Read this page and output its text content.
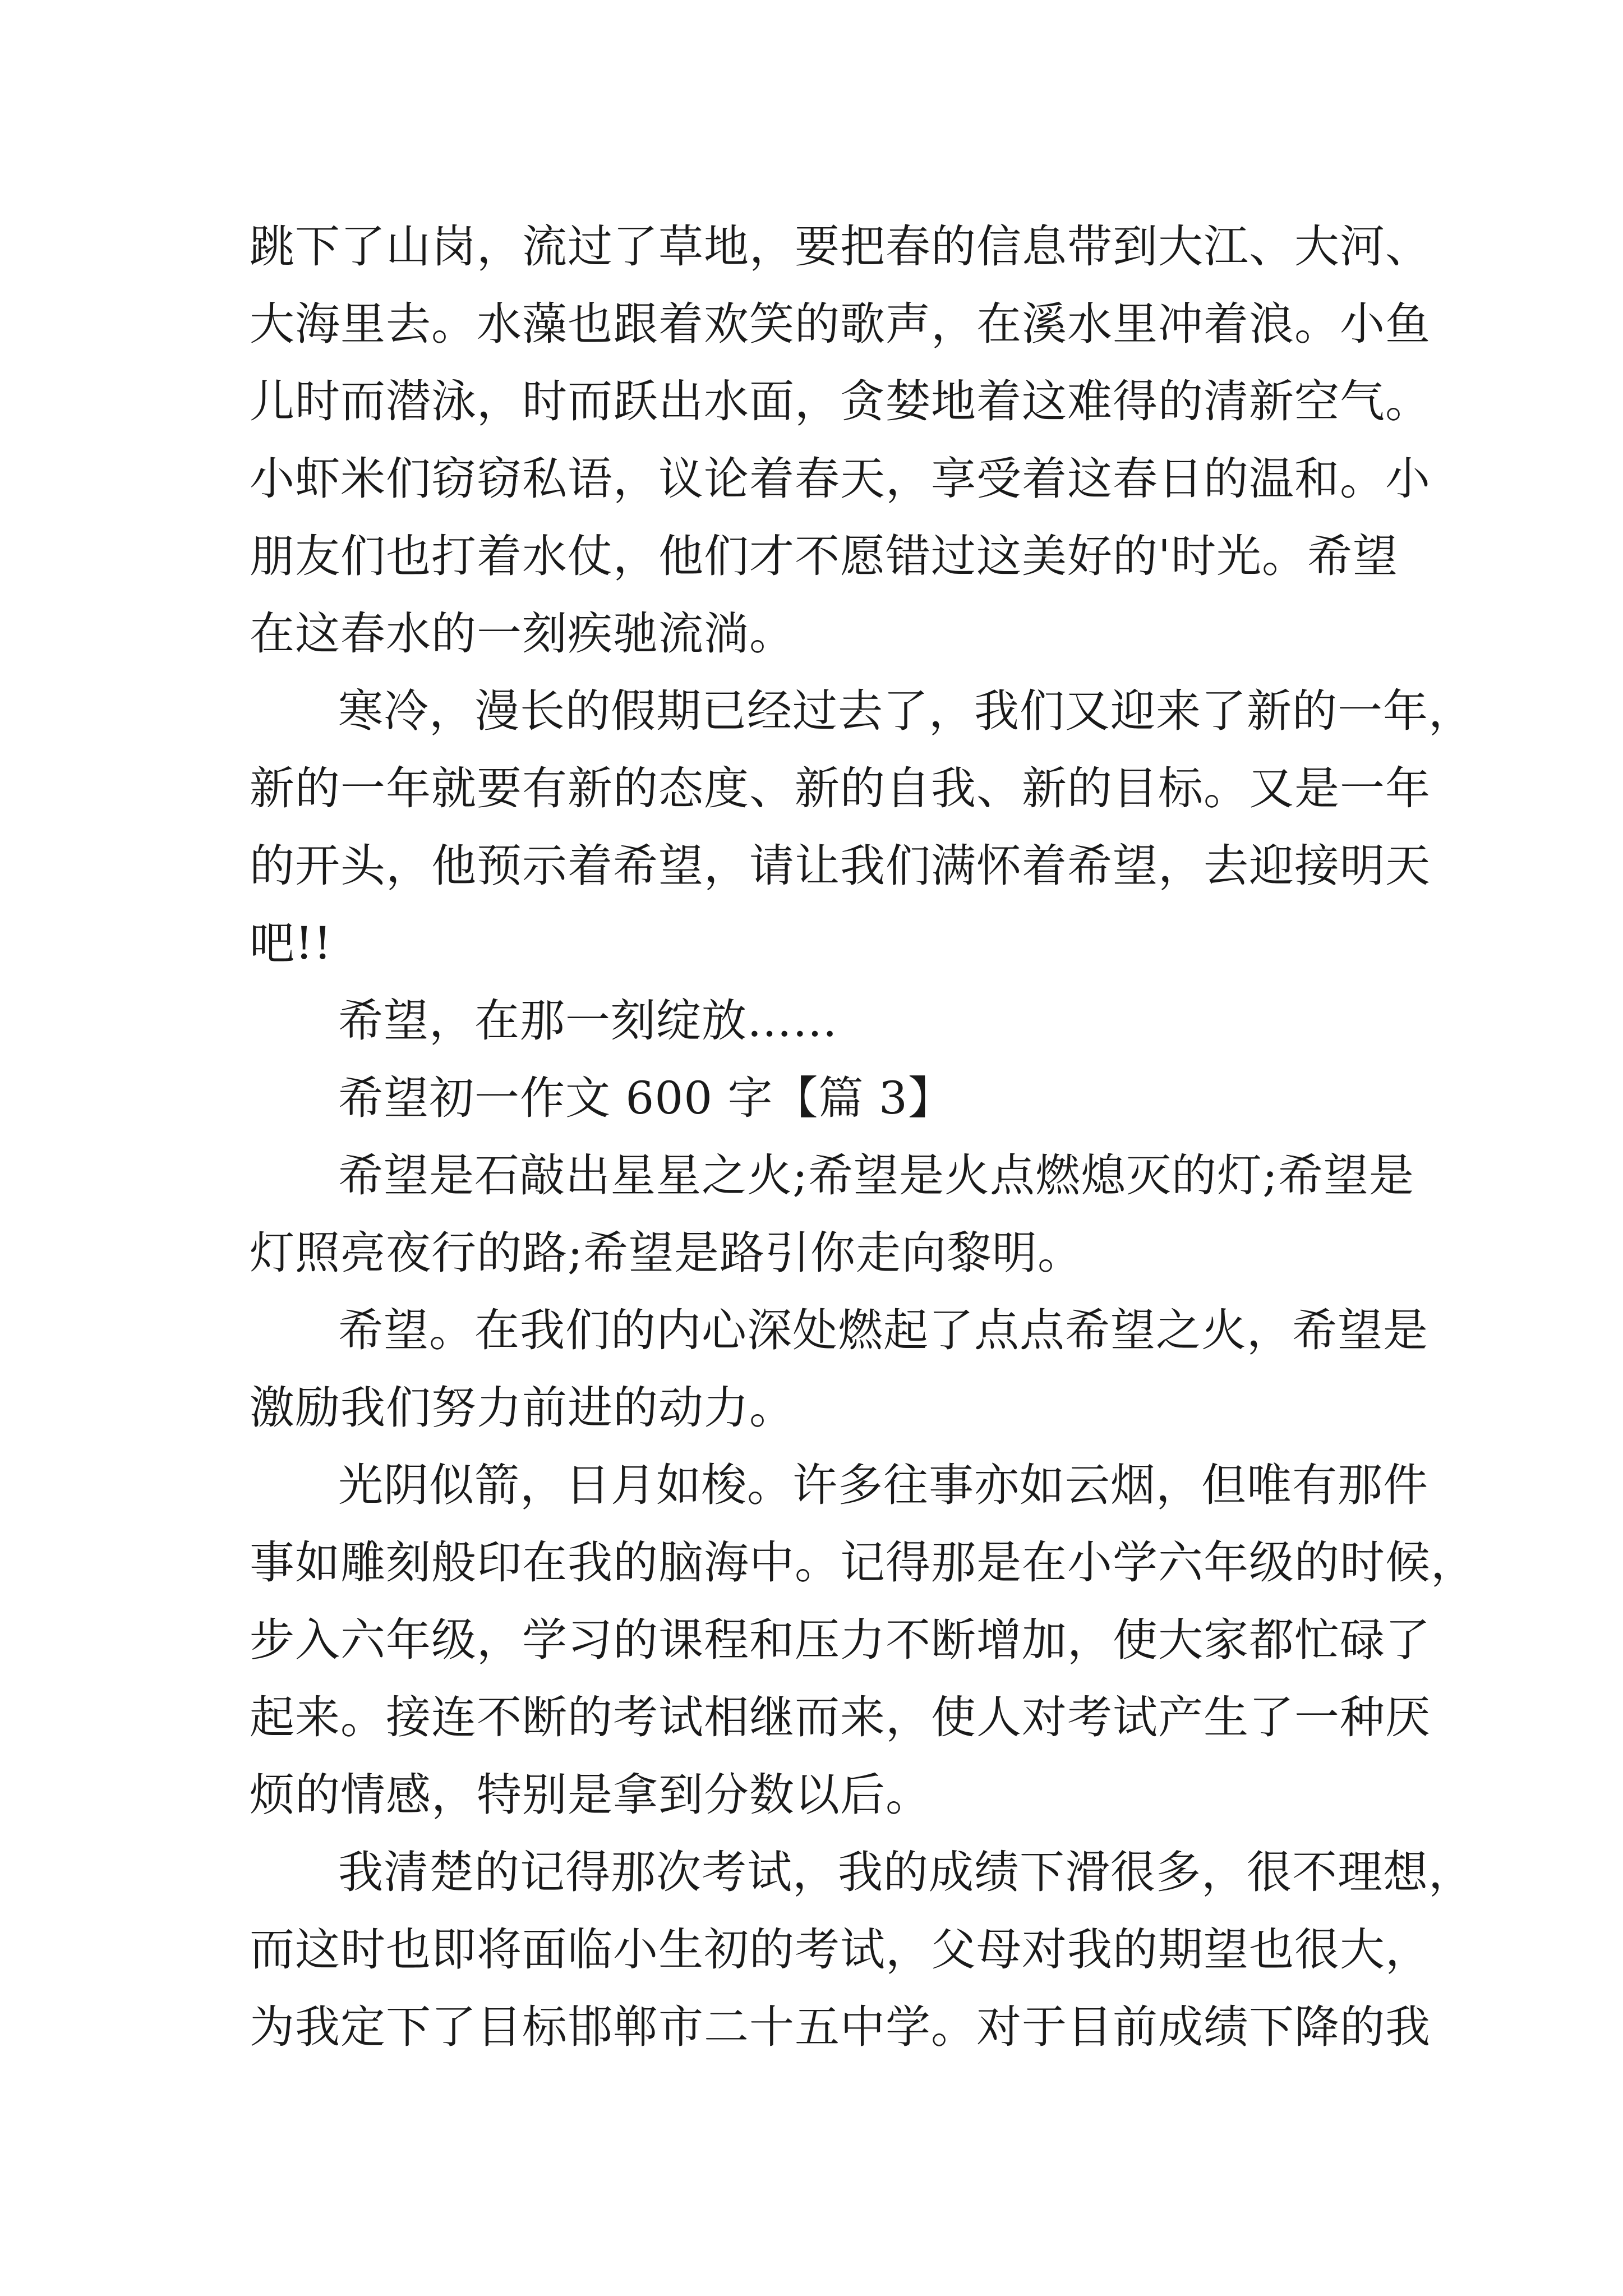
跳下了山岗，流过了草地，要把春的信息带到大江、大河、
大海里去。水藻也跟着欢笑的歌声，在溪水里冲着浪。小鱼
儿时而潜泳，时而跃出水面，贪婪地着这难得的清新空气。
小虾米们窃窃私语，议论着春天，享受着这春日的温和。小
朋友们也打着水仗，他们才不愿错过这美好的'时光。希望
在这春水的一刻疾驰流淌。
寒冷，漫长的假期已经过去了，我们又迎来了新的一年，
新的一年就要有新的态度、新的自我、新的目标。又是一年
的开头，他预示着希望，请让我们满怀着希望，去迎接明天
吧!!
希望，在那一刻绽放……
希望初一作文 600 字【篇 3】
希望是石敲出星星之火;希望是火点燃熄灭的灯;希望是
灯照亮夜行的路;希望是路引你走向黎明。
希望。在我们的内心深处燃起了点点希望之火，希望是
激励我们努力前进的动力。
光阴似箭，日月如梭。许多往事亦如云烟，但唯有那件
事如雕刻般印在我的脑海中。记得那是在小学六年级的时候，
步入六年级，学习的课程和压力不断增加，使大家都忙碌了
起来。接连不断的考试相继而来，使人对考试产生了一种厌
烦的情感，特别是拿到分数以后。
我清楚的记得那次考试，我的成绩下滑很多，很不理想，
而这时也即将面临小生初的考试，父母对我的期望也很大，
为我定下了目标邯郸市二十五中学。对于目前成绩下降的我
